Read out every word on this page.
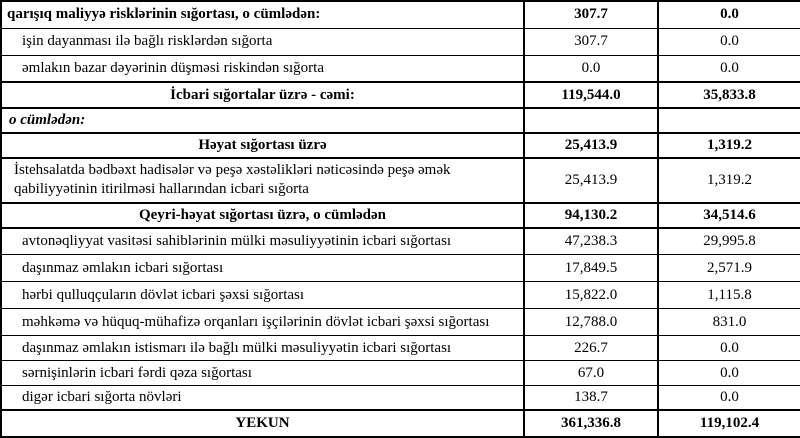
qarışıq maliyyə risklərinin sığortası, o cümlədən:	307.7	0.0
işin dayanması ilə bağlı risklərdən sığorta	307.7	0.0
əmlakın bazar dəyərinin düşməsi riskindən sığorta	0.0	0.0
İcbari sığortalar üzrə - cəmi:	119,544.0	35,833.8
o cümlədən:		
Həyat sığortası üzrə	25,413.9	1,319.2
İstehsalatda bədbəxt hadisələr və peşə xəstəlikləri nəticəsində peşə əmək qabiliyyətinin itirilməsi hallarından icbari sığorta	25,413.9	1,319.2
Qeyri-həyat sığortası üzrə, o cümlədən	94,130.2	34,514.6
avtonəqliyyat vasitəsi sahiblərinin mülki məsuliyyətinin icbari sığortası	47,238.3	29,995.8
daşınmaz əmlakın icbari sığortası	17,849.5	2,571.9
hərbi qulluqçuların dövlət icbari şəxsi sığortası	15,822.0	1,115.8
məhkəmə və hüquq-mühafizə orqanları işçilərinin dövlət icbari şəxsi sığortası	12,788.0	831.0
daşınmaz əmlakın istismarı ilə bağlı mülki məsuliyyətin icbari sığortası	226.7	0.0
sərnişinlərin icbari fərdi qəza sığortası	67.0	0.0
digər icbari sığorta növləri	138.7	0.0
YEKUN	361,336.8	119,102.4
